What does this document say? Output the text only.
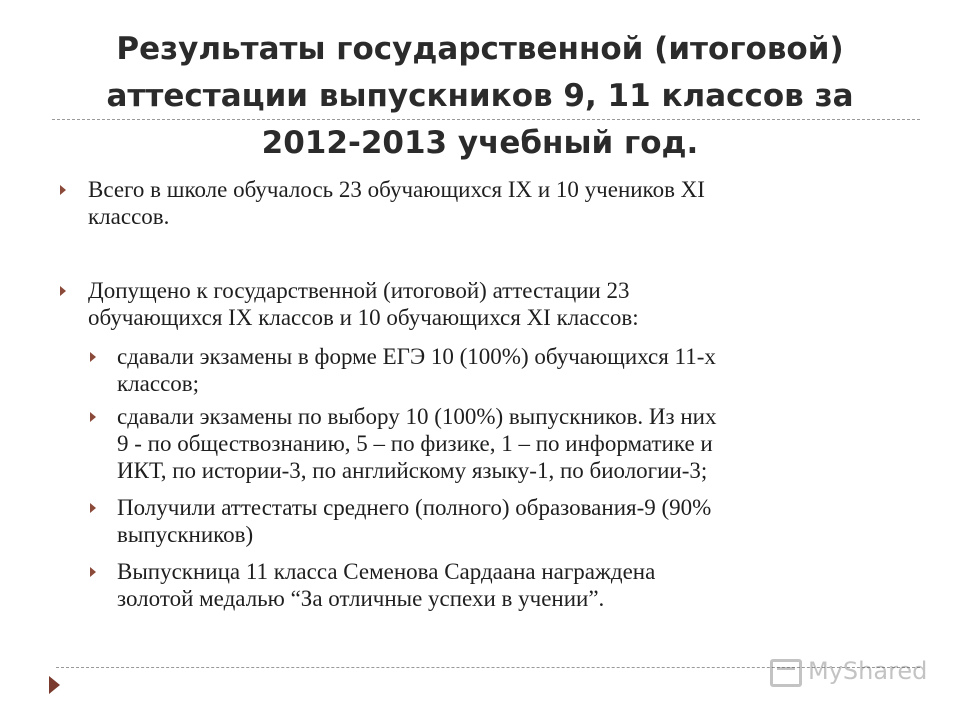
Результаты государственной (итоговой)
аттестации выпускников 9, 11 классов за
2012-2013 учебный год.
Всего в школе обучалось 23 обучающихся IX и 10 учеников XI
классов.
Допущено к государственной (итоговой) аттестации 23
обучающихся IX классов и 10 обучающихся XI классов:
сдавали экзамены в форме ЕГЭ 10 (100%) обучающихся 11-х
классов;
сдавали экзамены по выбору 10 (100%) выпускников. Из них
9 - по обществознанию, 5 – по физике, 1 – по информатике и
ИКТ, по истории-3, по английскому языку-1, по биологии-3;
Получили аттестаты среднего (полного) образования-9 (90%
выпускников)
Выпускница 11 класса Семенова Сардаана награждена
золотой медалью “За отличные успехи в учении”.
MyShared
